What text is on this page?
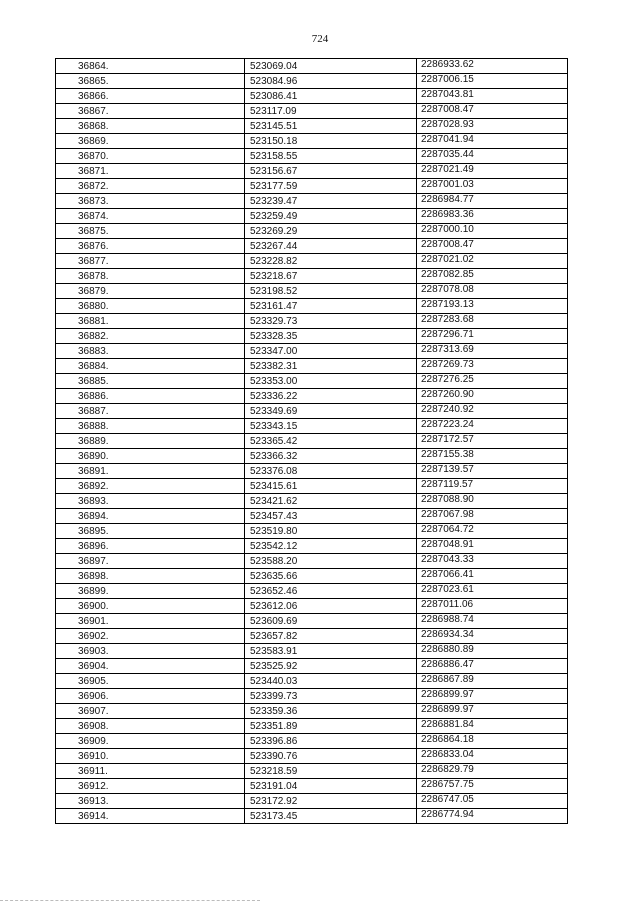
724
36864.	523069.04	2286933.62
36865.	523084.96	2287006.15
36866.	523086.41	2287043.81
36867.	523117.09	2287008.47
36868.	523145.51	2287028.93
36869.	523150.18	2287041.94
36870.	523158.55	2287035.44
36871.	523156.67	2287021.49
36872.	523177.59	2287001.03
36873.	523239.47	2286984.77
36874.	523259.49	2286983.36
36875.	523269.29	2287000.10
36876.	523267.44	2287008.47
36877.	523228.82	2287021.02
36878.	523218.67	2287082.85
36879.	523198.52	2287078.08
36880.	523161.47	2287193.13
36881.	523329.73	2287283.68
36882.	523328.35	2287296.71
36883.	523347.00	2287313.69
36884.	523382.31	2287269.73
36885.	523353.00	2287276.25
36886.	523336.22	2287260.90
36887.	523349.69	2287240.92
36888.	523343.15	2287223.24
36889.	523365.42	2287172.57
36890.	523366.32	2287155.38
36891.	523376.08	2287139.57
36892.	523415.61	2287119.57
36893.	523421.62	2287088.90
36894.	523457.43	2287067.98
36895.	523519.80	2287064.72
36896.	523542.12	2287048.91
36897.	523588.20	2287043.33
36898.	523635.66	2287066.41
36899.	523652.46	2287023.61
36900.	523612.06	2287011.06
36901.	523609.69	2286988.74
36902.	523657.82	2286934.34
36903.	523583.91	2286880.89
36904.	523525.92	2286886.47
36905.	523440.03	2286867.89
36906.	523399.73	2286899.97
36907.	523359.36	2286899.97
36908.	523351.89	2286881.84
36909.	523396.86	2286864.18
36910.	523390.76	2286833.04
36911.	523218.59	2286829.79
36912.	523191.04	2286757.75
36913.	523172.92	2286747.05
36914.	523173.45	2286774.94
